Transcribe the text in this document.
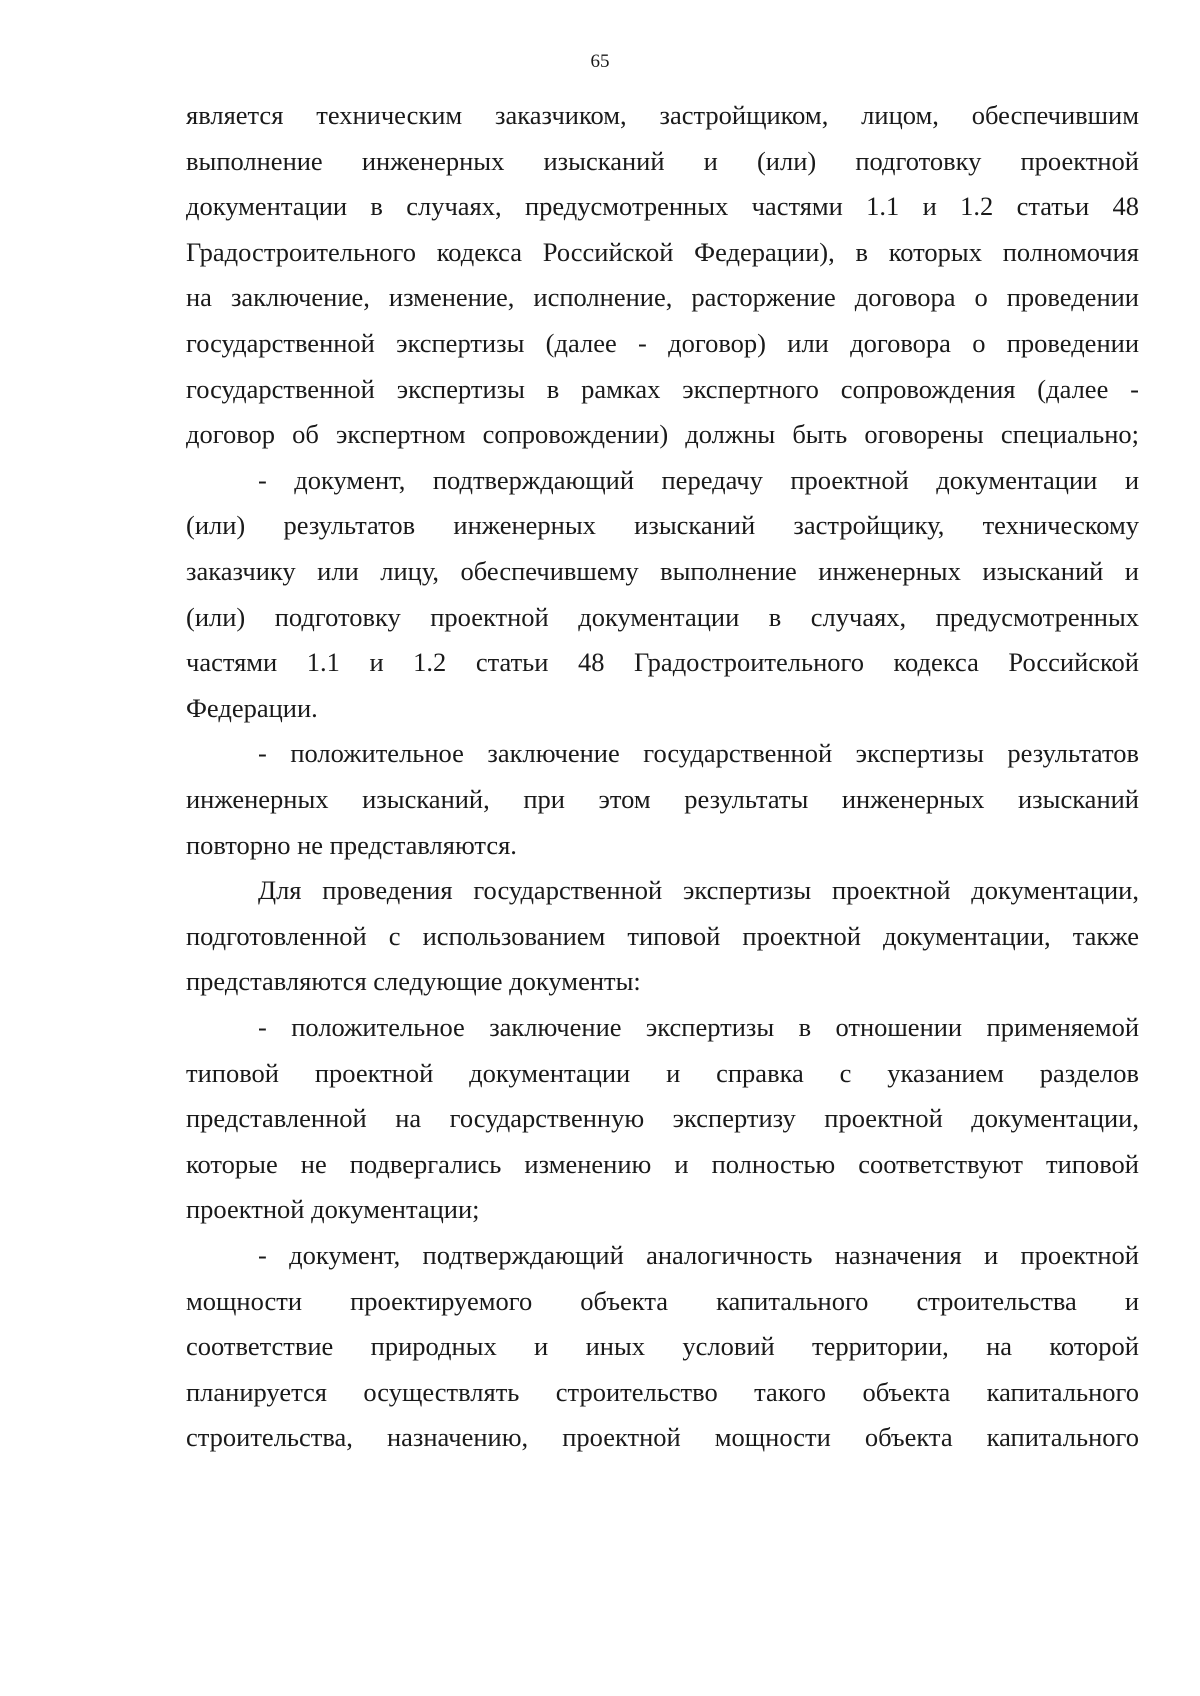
65
является техническим заказчиком, застройщиком, лицом, обеспечившим
выполнение инженерных изысканий и (или) подготовку проектной
документации в случаях, предусмотренных частями 1.1 и 1.2 статьи 48
Градостроительного кодекса Российской Федерации), в которых полномочия
на заключение, изменение, исполнение, расторжение договора о проведении
государственной экспертизы (далее - договор) или договора о проведении
государственной экспертизы в рамках экспертного сопровождения (далее -
договор об экспертном сопровождении) должны быть оговорены специально;
- документ, подтверждающий передачу проектной документации и
(или) результатов инженерных изысканий застройщику, техническому
заказчику или лицу, обеспечившему выполнение инженерных изысканий и
(или) подготовку проектной документации в случаях, предусмотренных
частями 1.1 и 1.2 статьи 48 Градостроительного кодекса Российской
Федерации.
- положительное заключение государственной экспертизы результатов
инженерных изысканий, при этом результаты инженерных изысканий
повторно не представляются.
Для проведения государственной экспертизы проектной документации,
подготовленной с использованием типовой проектной документации, также
представляются следующие документы:
- положительное заключение экспертизы в отношении применяемой
типовой проектной документации и справка с указанием разделов
представленной на государственную экспертизу проектной документации,
которые не подвергались изменению и полностью соответствуют типовой
проектной документации;
- документ, подтверждающий аналогичность назначения и проектной
мощности проектируемого объекта капитального строительства и
соответствие природных и иных условий территории, на которой
планируется осуществлять строительство такого объекта капитального
строительства, назначению, проектной мощности объекта капитального
